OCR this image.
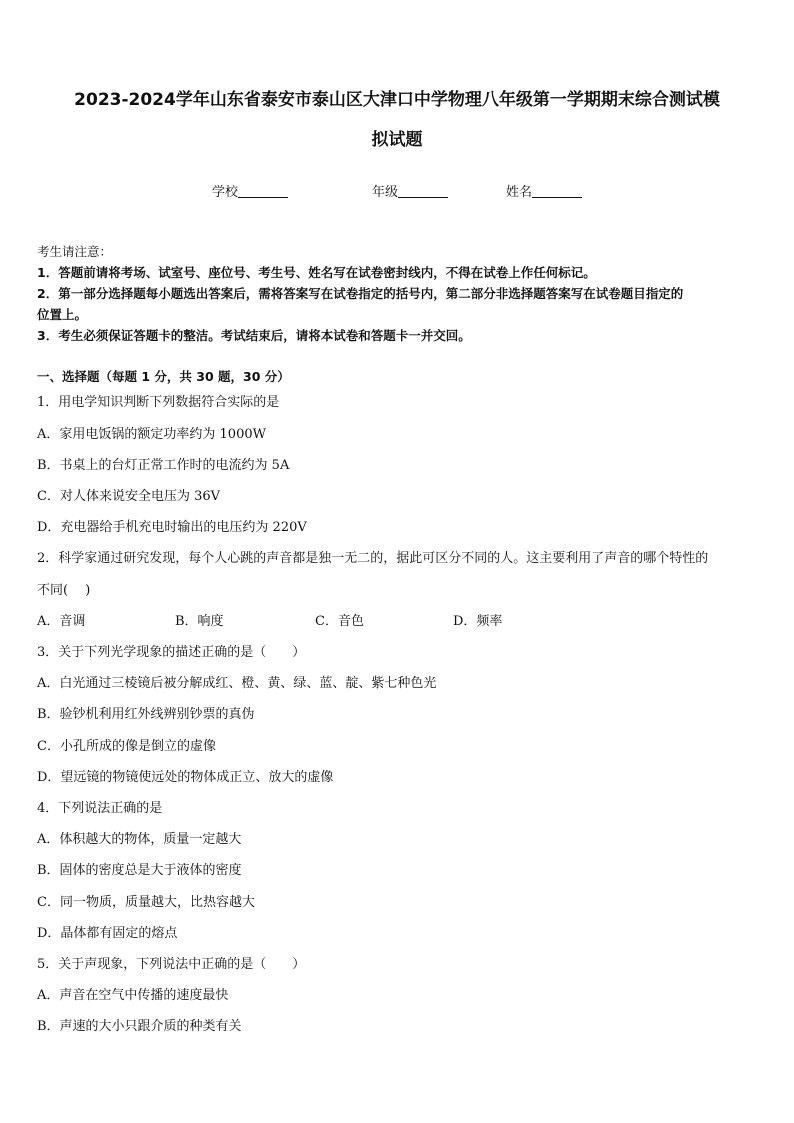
2023-2024学年山东省泰安市泰山区大津口中学物理八年级第一学期期末综合测试模
拟试题
学校	年级	姓名
考生请注意：
1．答题前请将考场、试室号、座位号、考生号、姓名写在试卷密封线内，不得在试卷上作任何标记。
2．第一部分选择题每小题选出答案后，需将答案写在试卷指定的括号内，第二部分非选择题答案写在试卷题目指定的
位置上。
3．考生必须保证答题卡的整洁。考试结束后，请将本试卷和答题卡一并交回。
一、选择题（每题 1 分，共 30 题，30 分）
1．用电学知识判断下列数据符合实际的是
A．家用电饭锅的额定功率约为 1000W
B．书桌上的台灯正常工作时的电流约为 5A
C．对人体来说安全电压为 36V
D．充电器给手机充电时输出的电压约为 220V
2．科学家通过研究发现，每个人心跳的声音都是独一无二的，据此可区分不同的人。这主要利用了声音的哪个特性的
不同(　 )
A．音调	B．响度	C．音色	D．频率
3．关于下列光学现象的描述正确的是（　　）
A．白光通过三棱镜后被分解成红、橙、黄、绿、蓝、靛、紫七种色光
B．验钞机利用红外线辨别钞票的真伪
C．小孔所成的像是倒立的虚像
D．望远镜的物镜使远处的物体成正立、放大的虚像
4．下列说法正确的是
A．体积越大的物体，质量一定越大
B．固体的密度总是大于液体的密度
C．同一物质，质量越大，比热容越大
D．晶体都有固定的熔点
5．关于声现象，下列说法中正确的是（　　）
A．声音在空气中传播的速度最快
B．声速的大小只跟介质的种类有关
